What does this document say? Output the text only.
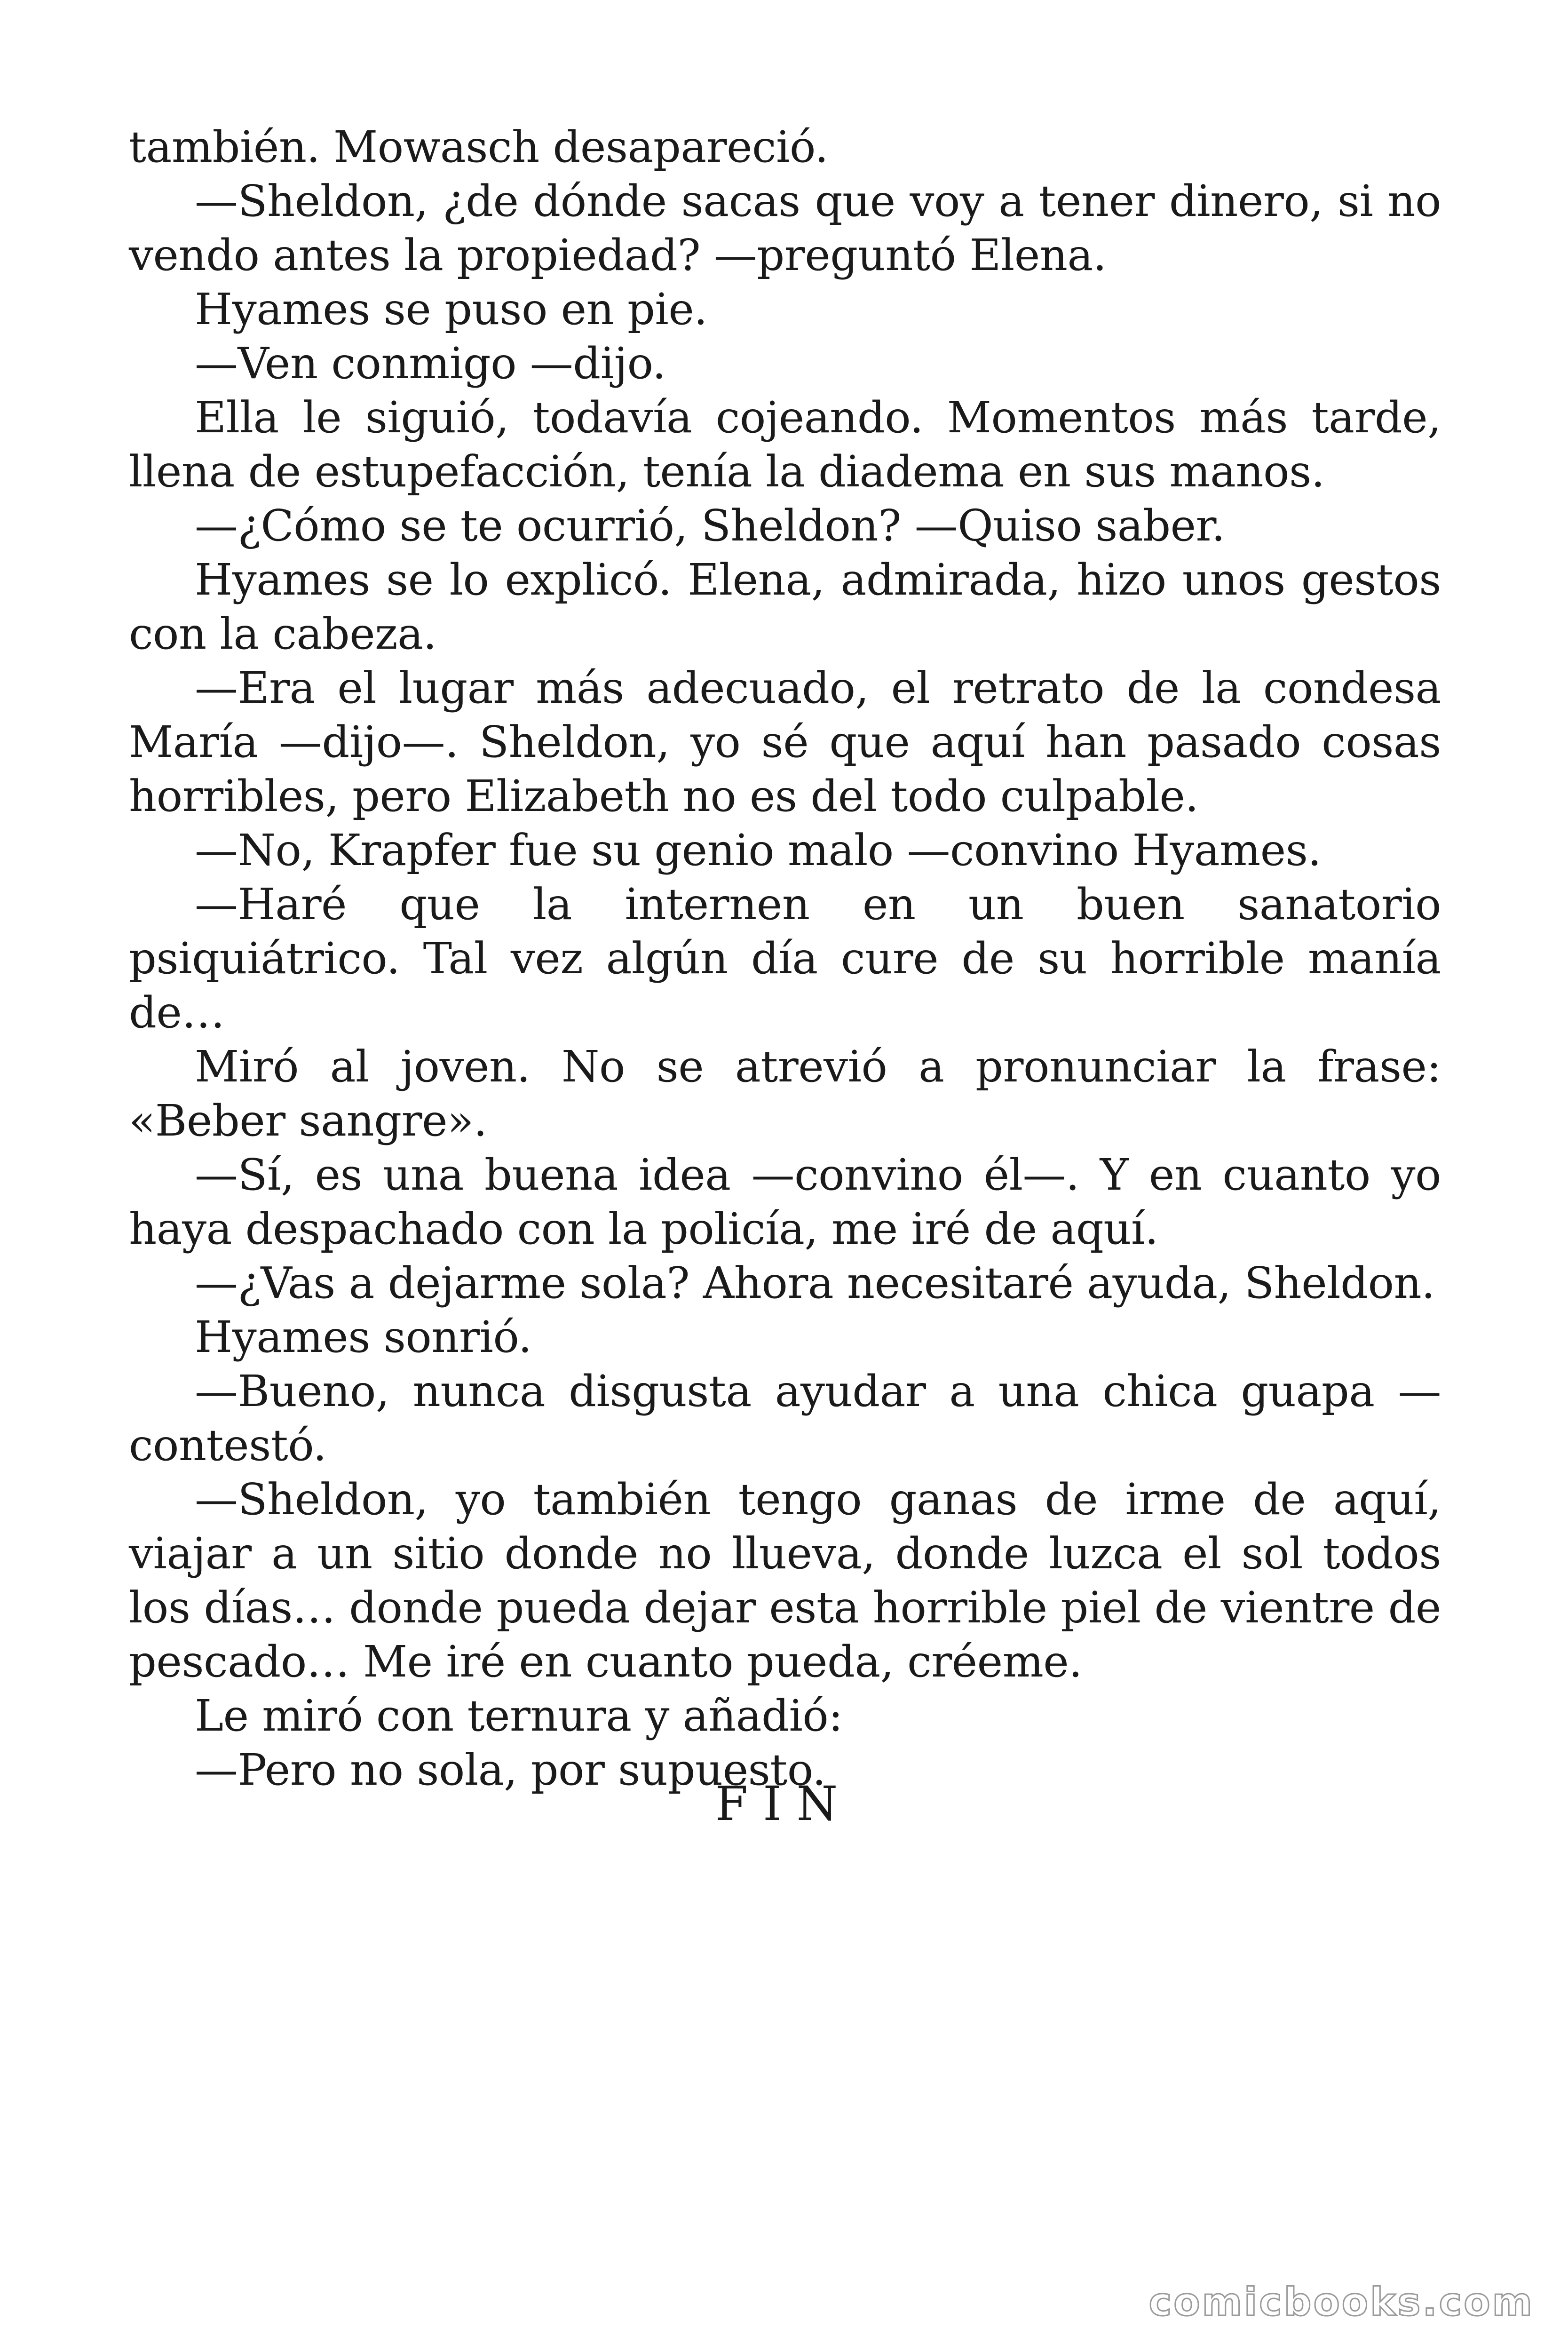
también. Mowasch desapareció.

—Sheldon, ¿de dónde sacas que voy a tener dinero, si no vendo antes la propiedad? —preguntó Elena.

Hyames se puso en pie.

—Ven conmigo —dijo.

Ella le siguió, todavía cojeando. Momentos más tarde, llena de estupefacción, tenía la diadema en sus manos.

—¿Cómo se te ocurrió, Sheldon? —Quiso saber.

Hyames se lo explicó. Elena, admirada, hizo unos gestos con la cabeza.

—Era el lugar más adecuado, el retrato de la condesa María —dijo—. Sheldon, yo sé que aquí han pasado cosas horribles, pero Elizabeth no es del todo culpable.

—No, Krapfer fue su genio malo —convino Hyames.

—Haré que la internen en un buen sanatorio psiquiátrico. Tal vez algún día cure de su horrible manía de…

Miró al joven. No se atrevió a pronunciar la frase: «Beber sangre».

—Sí, es una buena idea —convino él—. Y en cuanto yo haya despachado con la policía, me iré de aquí.

—¿Vas a dejarme sola? Ahora necesitaré ayuda, Sheldon.

Hyames sonrió.

—Bueno, nunca disgusta ayudar a una chica guapa —contestó.

—Sheldon, yo también tengo ganas de irme de aquí, viajar a un sitio donde no llueva, donde luzca el sol todos los días… donde pueda dejar esta horrible piel de vientre de pescado… Me iré en cuanto pueda, créeme.

Le miró con ternura y añadió:

—Pero no sola, por supuesto.

FIN
comicbooks.com
